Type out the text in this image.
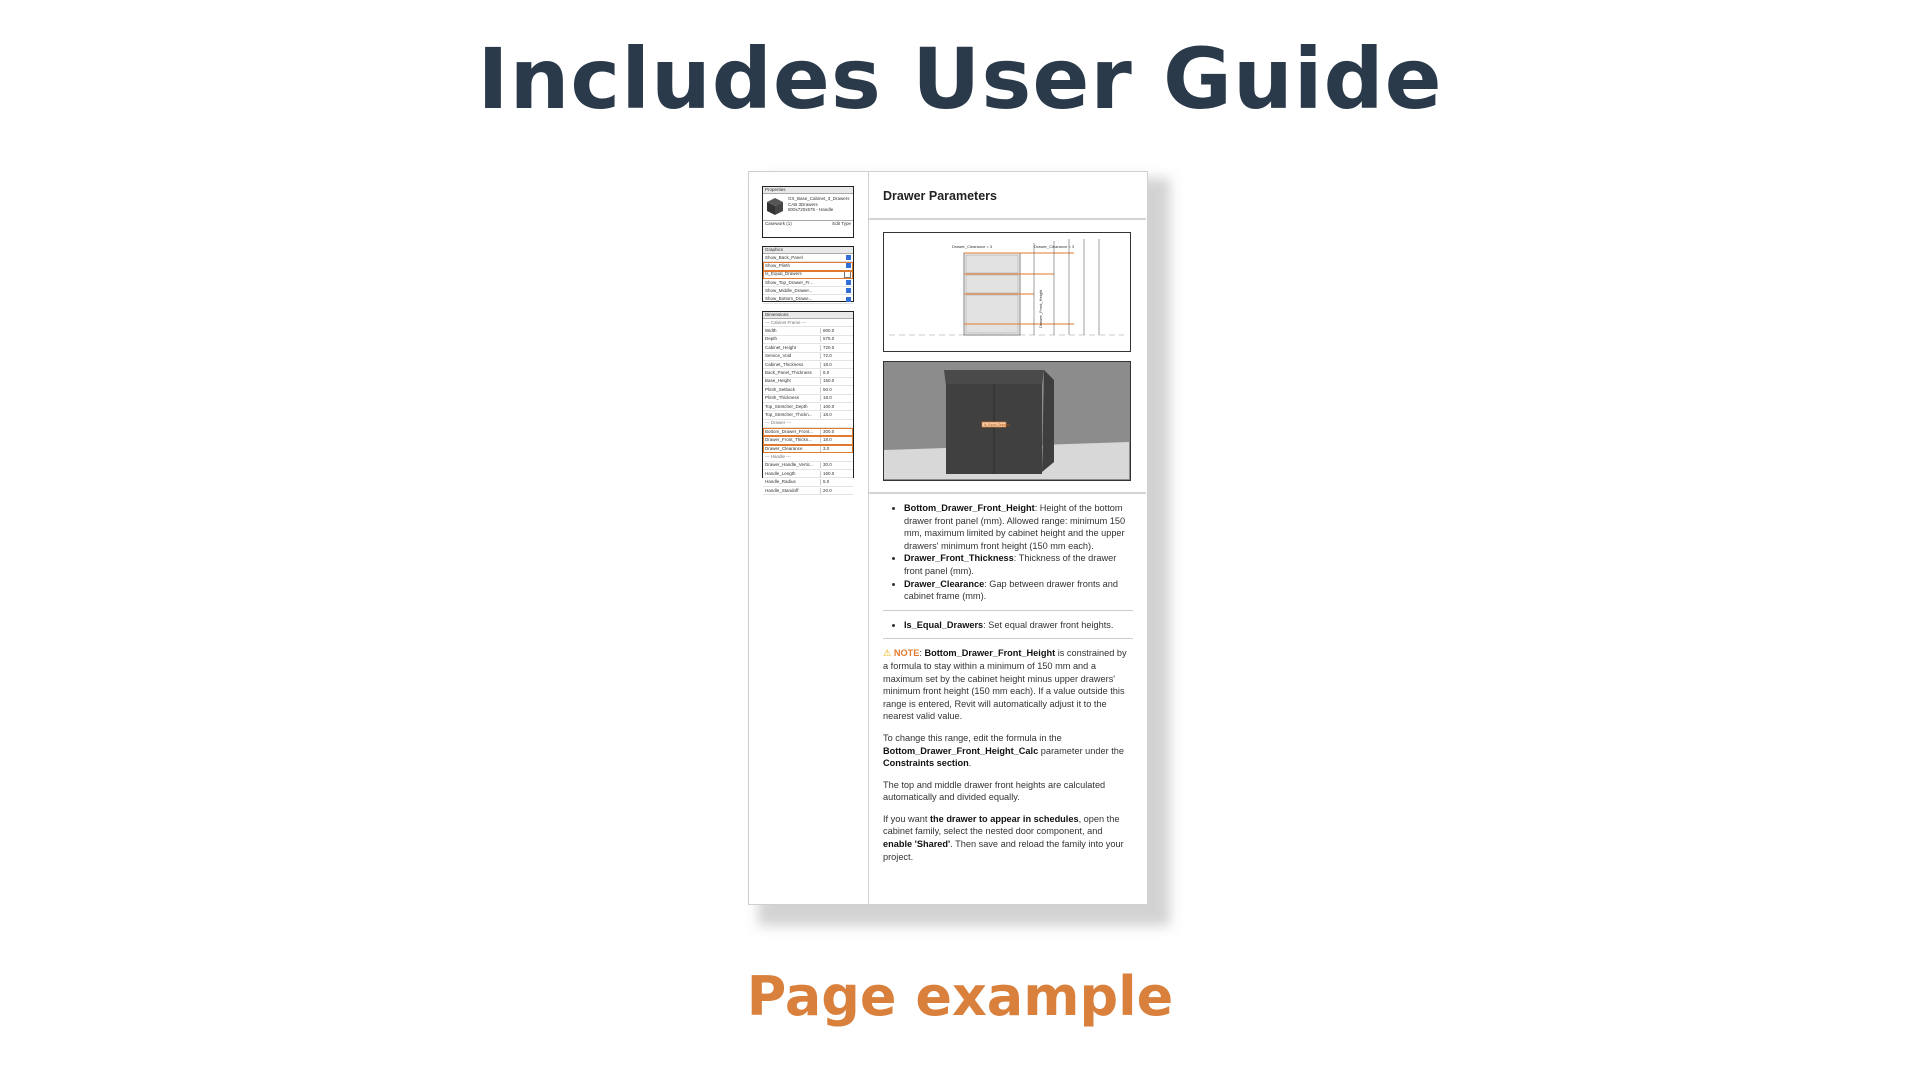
Includes User Guide
Properties
GX_Base_Cabinet_3_Drawers
CAB 3Drawers
800x720x575 - Handle
Casework (1)	Edit Type
Graphics
Show_Back_Panel
Show_Plinth
Is_Equal_Drawers
Show_Top_Drawer_Fr...
Show_Middle_Drawer...
Show_Bottom_Drawe...
Dimensions
--- Cabinet Frame ---
Width	800.0
Depth	575.0
Cabinet_Height	720.0
Service_Void	72.0
Cabinet_Thickness	18.0
Back_Panel_Thickness	6.0
Base_Height	150.0
Plinth_Setback	50.0
Plinth_Thickness	18.0
Top_Stretcher_Depth	100.0
Top_Stretcher_Thickn...	18.0
--- Drawer ---
Bottom_Drawer_Front...	300.0
Drawer_Front_Thickn...	18.0
Drawer_Clearance	3.0
--- Handle ---
Drawer_Handle_Vertic...	30.0
Handle_Length	160.0
Handle_Radius	5.0
Handle_Standoff	20.0
Drawer Parameters
Drawer_Clearance = 3	Drawer_Clearance = 3
Drawer_Front_Height
Is_Equal_Drawers
• Bottom_Drawer_Front_Height: Height of the bottom drawer front panel (mm). Allowed range: minimum 150 mm, maximum limited by cabinet height and the upper drawers' minimum front height (150 mm each).
• Drawer_Front_Thickness: Thickness of the drawer front panel (mm).
• Drawer_Clearance: Gap between drawer fronts and cabinet frame (mm).
• Is_Equal_Drawers: Set equal drawer front heights.

⚠ NOTE: Bottom_Drawer_Front_Height is constrained by a formula to stay within a minimum of 150 mm and a maximum set by the cabinet height minus upper drawers' minimum front height (150 mm each). If a value outside this range is entered, Revit will automatically adjust it to the nearest valid value.

To change this range, edit the formula in the Bottom_Drawer_Front_Height_Calc parameter under the Constraints section.

The top and middle drawer front heights are calculated automatically and divided equally.

If you want the drawer to appear in schedules, open the cabinet family, select the nested door component, and enable 'Shared'. Then save and reload the family into your project.

Page example
